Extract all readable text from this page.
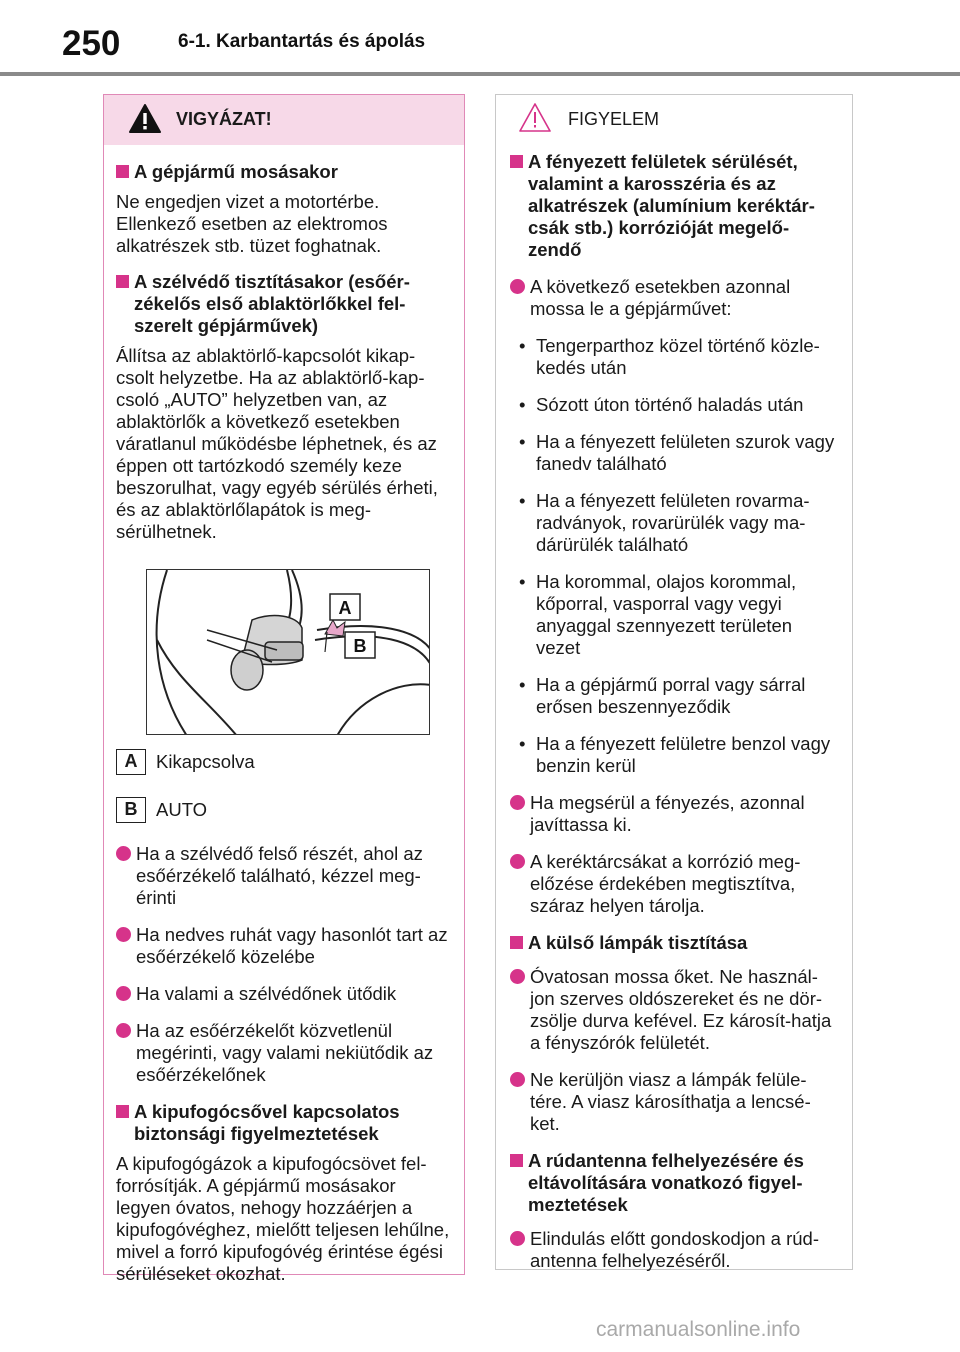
250	6-1. Karbantartás és ápolás
VIGYÁZAT!
A gépjármű mosásakor
Ne engedjen vizet a motortérbe. Ellenkező esetben az elektromos alkatrészek stb. tüzet foghatnak.
A szélvédő tisztításakor (esőér-zékelős első ablaktörlőkkel fel-szerelt gépjárművek)
Állítsa az ablaktörlő-kapcsolót kikap-csolt helyzetbe. Ha az ablaktörlő-kap-csoló „AUTO” helyzetben van, az ablaktörlők a következő esetekben váratlanul működésbe léphetnek, és az éppen ott tartózkodó személy keze beszorulhat, vagy egyéb sérülés érheti, és az ablaktörlőlapátok is meg-sérülhetnek.
A
B
A	Kikapcsolva
B	AUTO
Ha a szélvédő felső részét, ahol az esőérzékelő található, kézzel meg-érinti
Ha nedves ruhát vagy hasonlót tart az esőérzékelő közelébe
Ha valami a szélvédőnek ütődik
Ha az esőérzékelőt közvetlenül megérinti, vagy valami nekiütődik az esőérzékelőnek
A kipufogócsővel kapcsolatos biztonsági figyelmeztetések
A kipufogógázok a kipufogócsövet fel-forrósítják. A gépjármű mosásakor legyen óvatos, nehogy hozzáérjen a kipufogóvéghez, mielőtt teljesen lehűlne, mivel a forró kipufogóvég érintése égési sérüléseket okozhat.
FIGYELEM
A fényezett felületek sérülését, valamint a karosszéria és az alkatrészek (alumínium keréktár-csák stb.) korrózióját megelő-zendő
A következő esetekben azonnal mossa le a gépjárművet:
• Tengerparthoz közel történő közle-kedés után
• Sózott úton történő haladás után
• Ha a fényezett felületen szurok vagy fanedv található
• Ha a fényezett felületen rovarma-radványok, rovarürülék vagy ma-dárürülék található
• Ha korommal, olajos korommal, kőporral, vasporral vagy vegyi anyaggal szennyezett területen vezet
• Ha a gépjármű porral vagy sárral erősen beszennyeződik
• Ha a fényezett felületre benzol vagy benzin kerül
Ha megsérül a fényezés, azonnal javíttassa ki.
A keréktárcsákat a korrózió meg-előzése érdekében megtisztítva, száraz helyen tárolja.
A külső lámpák tisztítása
Óvatosan mossa őket. Ne használ-jon szerves oldószereket és ne dör-zsölje durva kefével. Ez károsít-hatja a fényszórók felületét.
Ne kerüljön viasz a lámpák felüle-tére. A viasz károsíthatja a lencsé-ket.
A rúdantenna felhelyezésére és eltávolítására vonatkozó figyel-meztetések
Elindulás előtt gondoskodjon a rúd-antenna felhelyezéséről.
carmanualsonline.info
